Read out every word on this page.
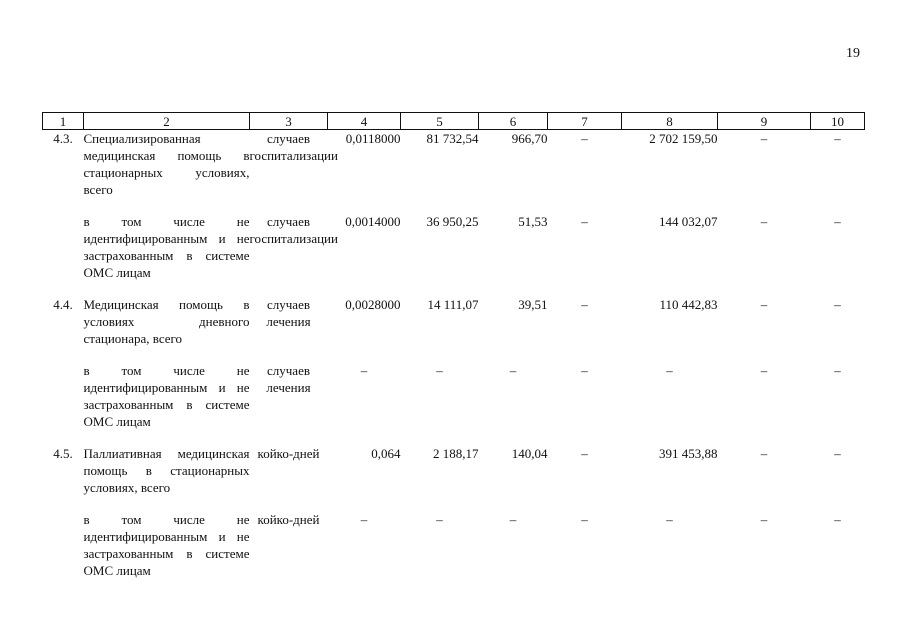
19
1	2	3	4	5	6	7	8	9	10
4.3.	Специализированная медицинская помощь в стационарных условиях, всего	случаев госпитализации	0,0118000	81 732,54	966,70	–	2 702 159,50	–	–

	в том числе не идентифицированным и не застрахованным в системе ОМС лицам	случаев госпитализации	0,0014000	36 950,25	51,53	–	144 032,07	–	–
4.4.	Медицинская помощь в условиях дневного стационара, всего	случаев лечения	0,0028000	14 111,07	39,51	–	110 442,83	–	–

	в том числе не идентифицированным и не застрахованным в системе ОМС лицам	случаев лечения	–	–	–	–	–	–	–
4.5.	Паллиативная медицинская помощь в стационарных условиях, всего	койко-дней	0,064	2 188,17	140,04	–	391 453,88	–	–

	в том числе не идентифицированным и не застрахованным в системе ОМС лицам	койко-дней	–	–	–	–	–	–	–
